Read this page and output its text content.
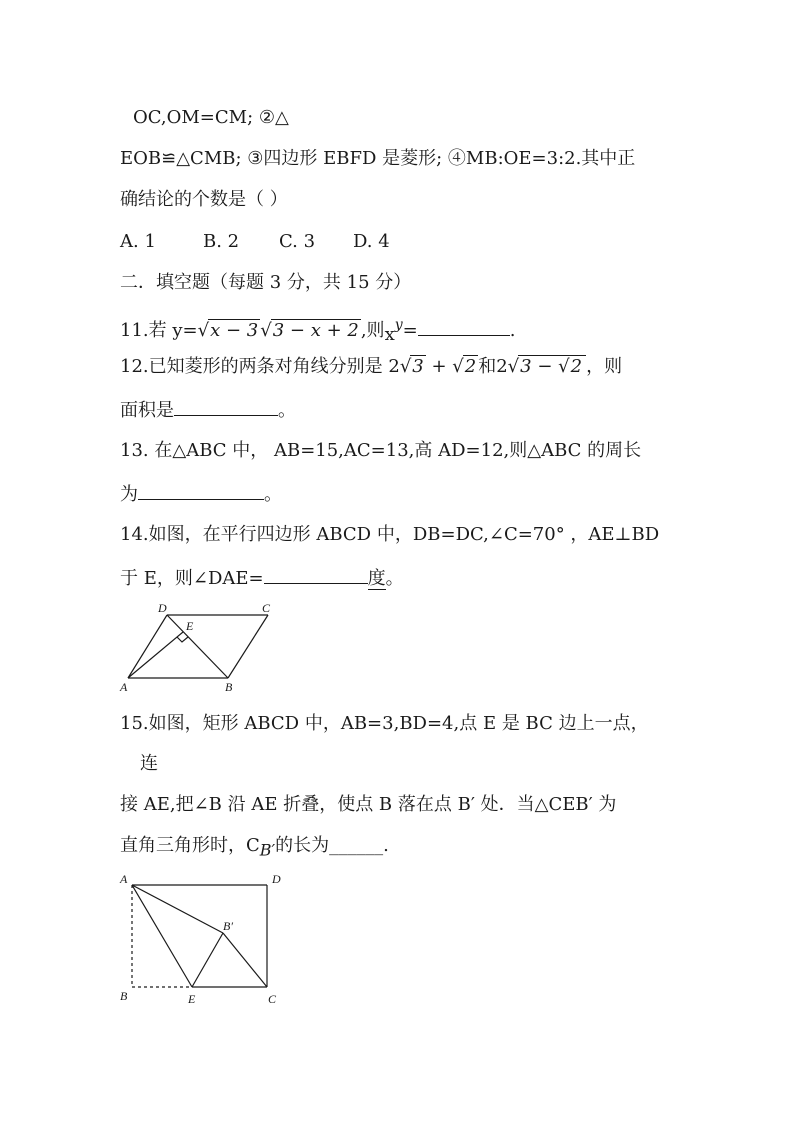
OC,OM=CM; ②△
EOB≌△CMB; ③四边形 EBFD 是菱形; ④MB:OE=3:2.其中正
确结论的个数是（ ）
A. 1	B. 2 C. 3 D. 4
二．填空题（每题 3 分，共 15 分）
11.若 y=√x − 3 √3 − x + 2 ,则$x^y=$	.
12.已知菱形的两条对角线分别是 2√3 + √2 和2√3 − √2 ，则
面积是	。
13. 在△ABC 中， AB=15,AC=13,高 AD=12,则△ABC 的周长
为	。
14.如图，在平行四边形 ABCD 中，DB=DC,∠C=70° ，AE⊥BD
于 E，则∠DAE=	度。
D	C
E
A	B
15.如图，矩形 ABCD 中，AB=3,BD=4,点 E 是 BC 边上一点，
连
接 AE,把∠B 沿 AE 折叠，使点 B 落在点 B′ 处．当△CEB′ 为
直角三角形时，$C_{B'}$的长为______.
A	D
B′
B	E	C
